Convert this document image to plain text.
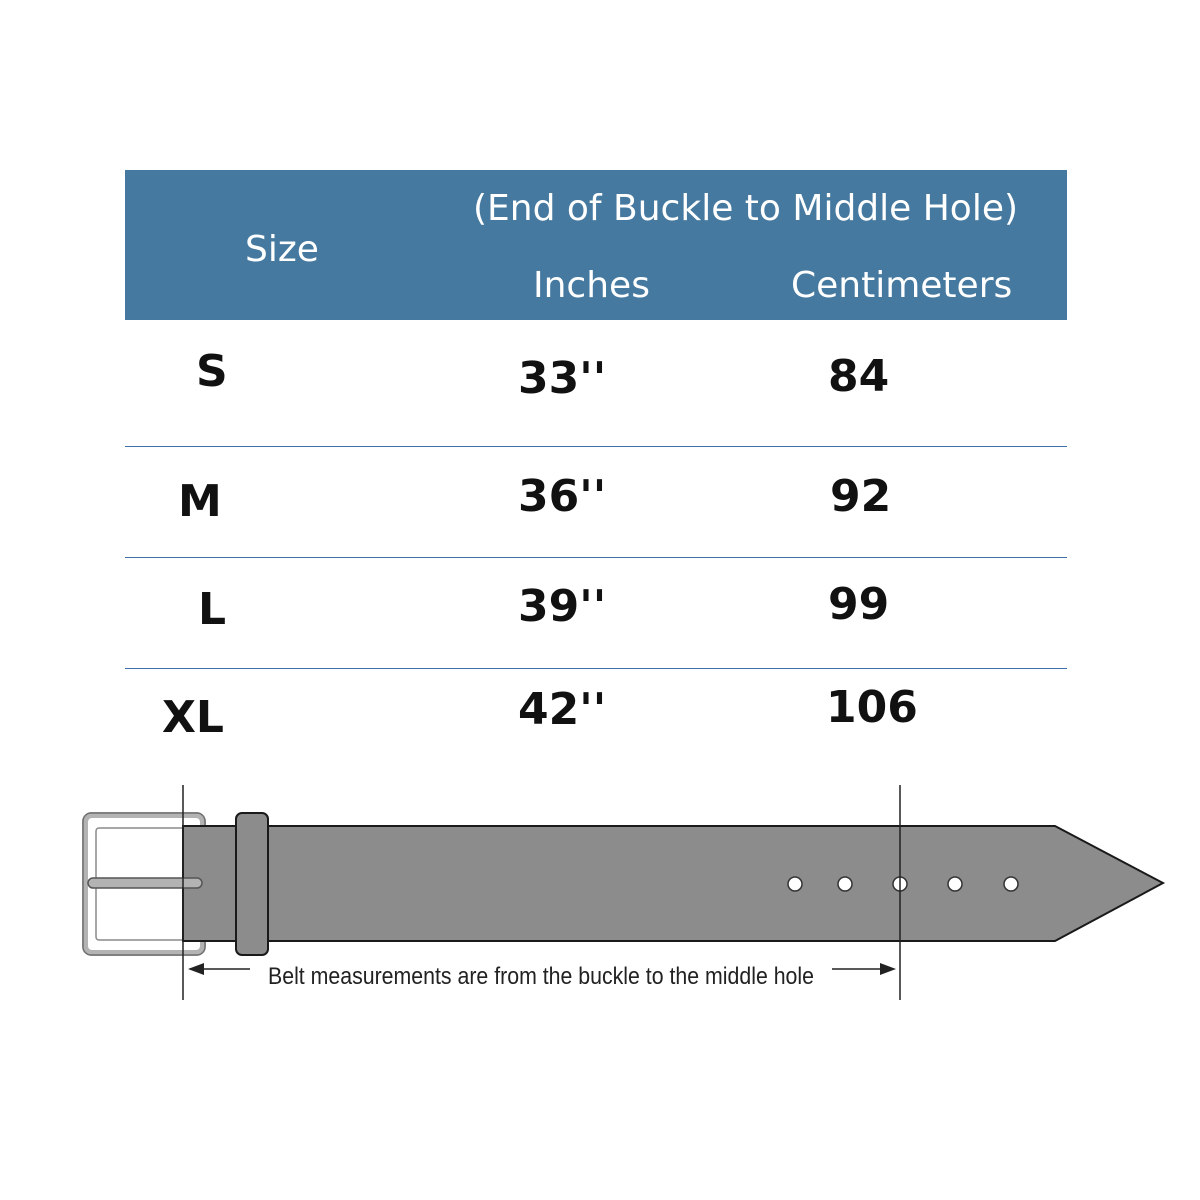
Size
(End of Buckle to Middle Hole)
Inches	Centimeters
S	33''	84
M	36''	92
L	39''	99
XL	42''	106
Belt measurements are from the buckle to the middle hole
